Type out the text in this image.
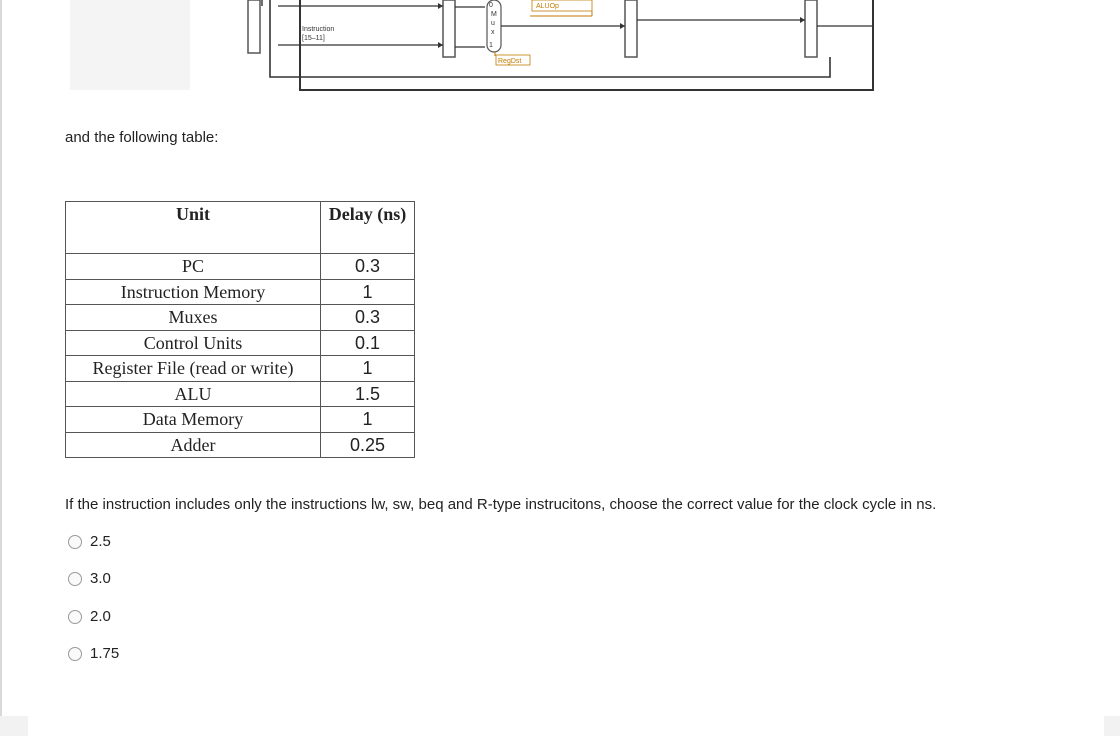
Instruction
[15–11]
0
M
u
x
1
RegDst
ALUOp
and the following table:
Unit	Delay (ns)
PC	0.3
Instruction Memory	1
Muxes	0.3
Control Units	0.1
Register File (read or write)	1
ALU	1.5
Data Memory	1
Adder	0.25
If the instruction includes only the instructions lw, sw, beq and R-type instrucitons, choose the correct value for the clock cycle in ns.
2.5
3.0
2.0
1.75
